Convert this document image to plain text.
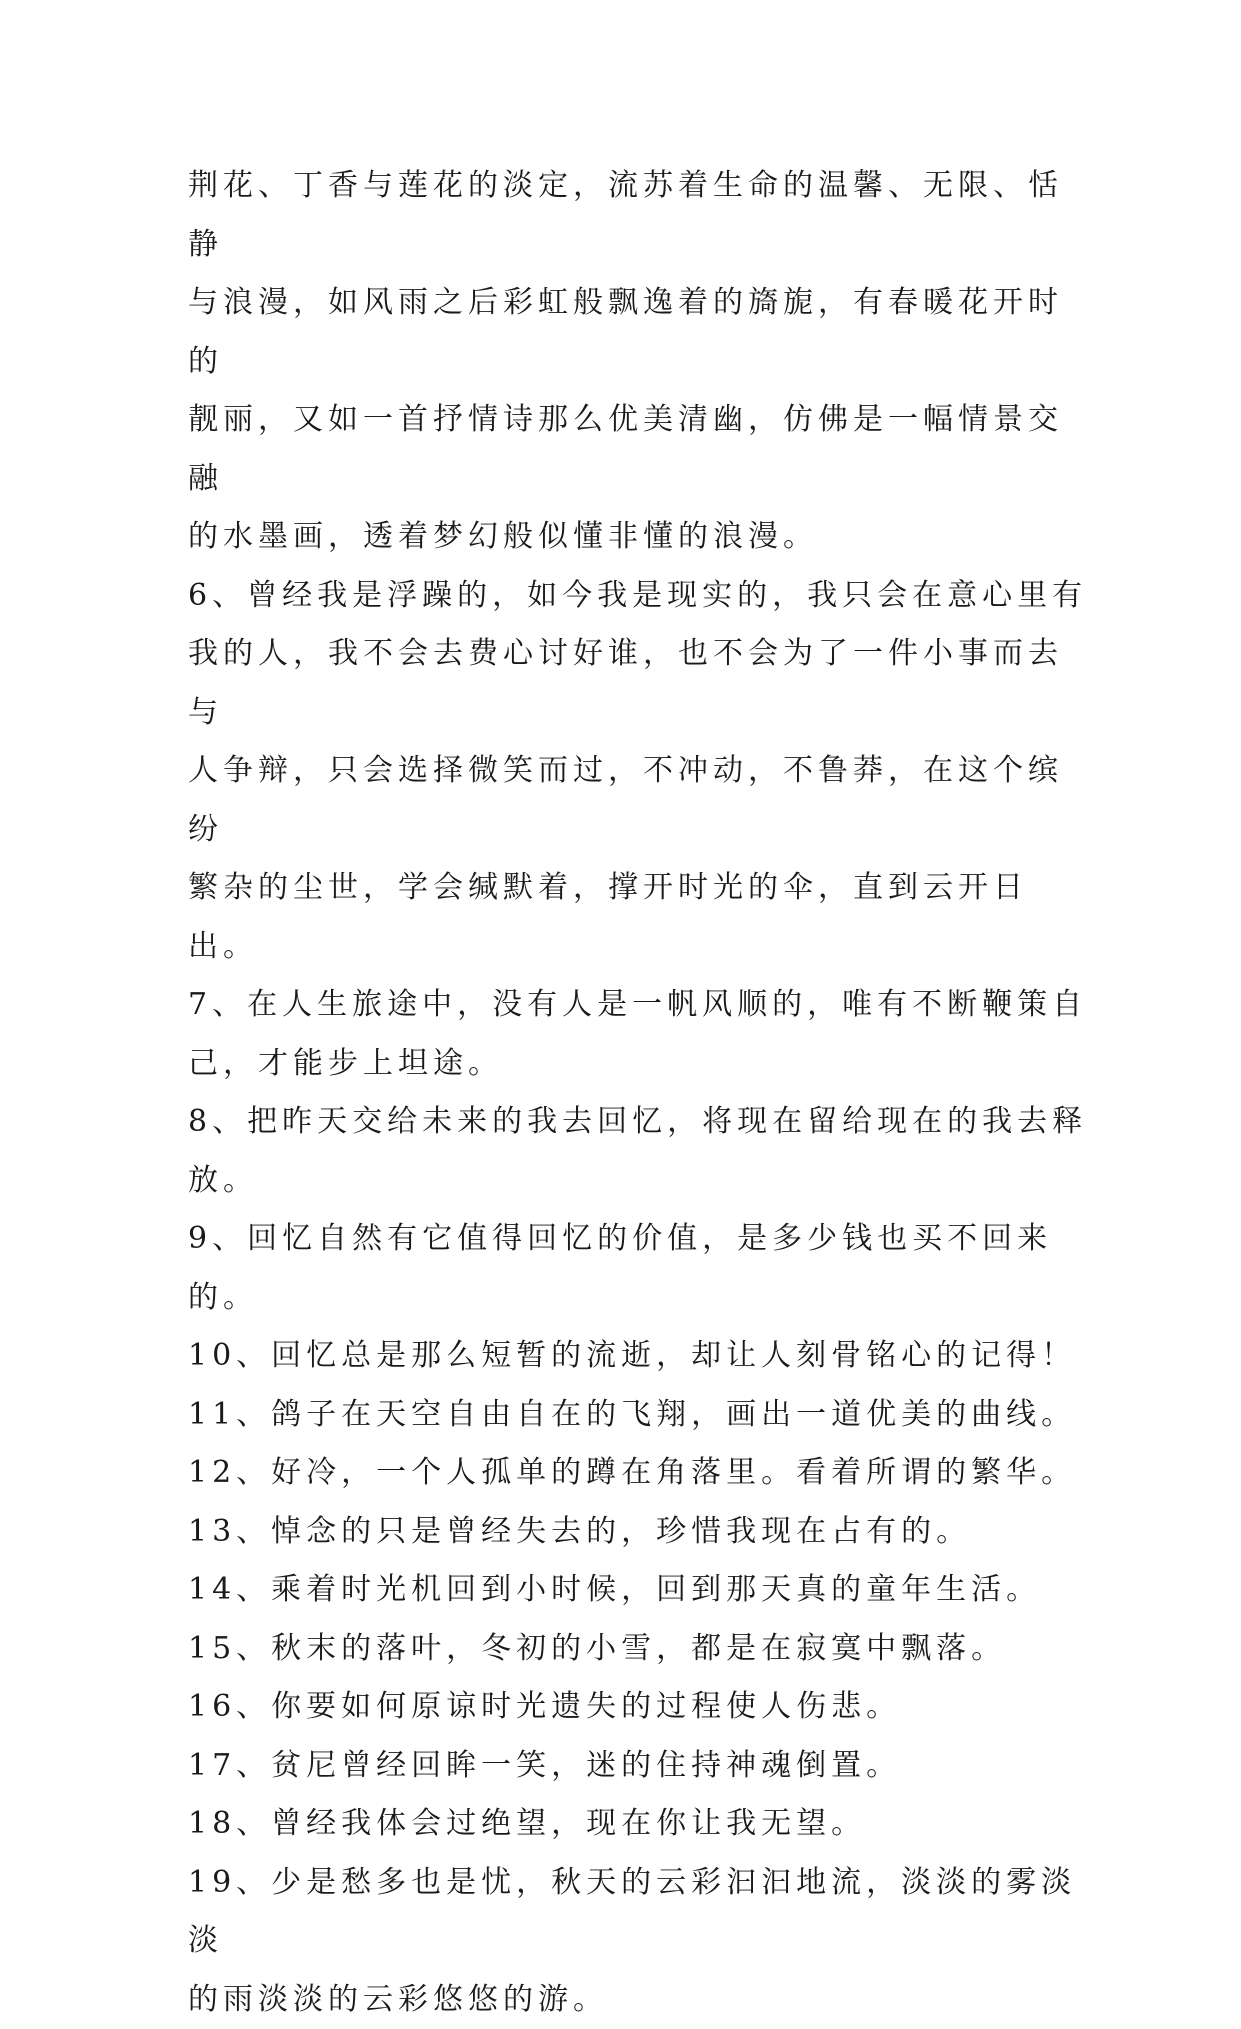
荆花、丁香与莲花的淡定，流苏着生命的温馨、无限、恬静
与浪漫，如风雨之后彩虹般飘逸着的旖旎，有春暖花开时的
靓丽，又如一首抒情诗那么优美清幽，仿佛是一幅情景交融
的水墨画，透着梦幻般似懂非懂的浪漫。

6、曾经我是浮躁的，如今我是现实的，我只会在意心里有
我的人，我不会去费心讨好谁，也不会为了一件小事而去与
人争辩，只会选择微笑而过，不冲动，不鲁莽，在这个缤纷
繁杂的尘世，学会缄默着，撑开时光的伞，直到云开日出。

7、在人生旅途中，没有人是一帆风顺的，唯有不断鞭策自
己，才能步上坦途。

8、把昨天交给未来的我去回忆，将现在留给现在的我去释
放。

9、回忆自然有它值得回忆的价值，是多少钱也买不回来的。

10、回忆总是那么短暂的流逝，却让人刻骨铭心的记得！

11、鸽子在天空自由自在的飞翔，画出一道优美的曲线。

12、好冷，一个人孤单的蹲在角落里。看着所谓的繁华。

13、悼念的只是曾经失去的，珍惜我现在占有的。

14、乘着时光机回到小时候，回到那天真的童年生活。

15、秋末的落叶，冬初的小雪，都是在寂寞中飘落。

16、你要如何原谅时光遗失的过程使人伤悲。

17、贫尼曾经回眸一笑，迷的住持神魂倒置。

18、曾经我体会过绝望，现在你让我无望。

19、少是愁多也是忧，秋天的云彩汩汩地流，淡淡的雾淡淡
的雨淡淡的云彩悠悠的游。
